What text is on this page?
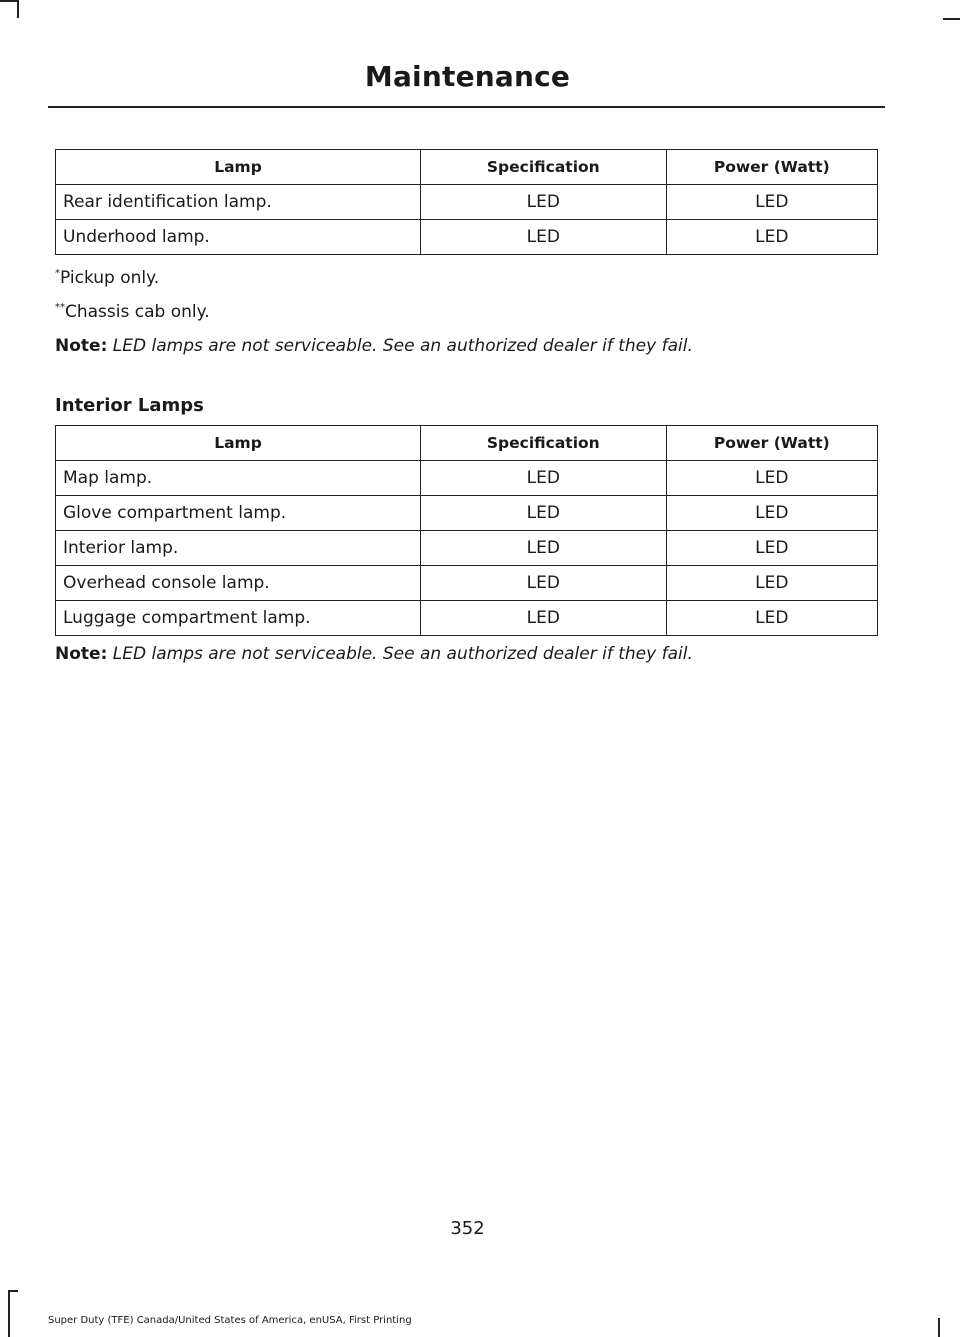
Maintenance
Lamp	Specification	Power (Watt)
Rear identification lamp.	LED	LED
Underhood lamp.	LED	LED
*Pickup only.
**Chassis cab only.
Note: LED lamps are not serviceable. See an authorized dealer if they fail.
Interior Lamps
Lamp	Specification	Power (Watt)
Map lamp.	LED	LED
Glove compartment lamp.	LED	LED
Interior lamp.	LED	LED
Overhead console lamp.	LED	LED
Luggage compartment lamp.	LED	LED
Note: LED lamps are not serviceable. See an authorized dealer if they fail.
352
Super Duty (TFE) Canada/United States of America, enUSA, First Printing
